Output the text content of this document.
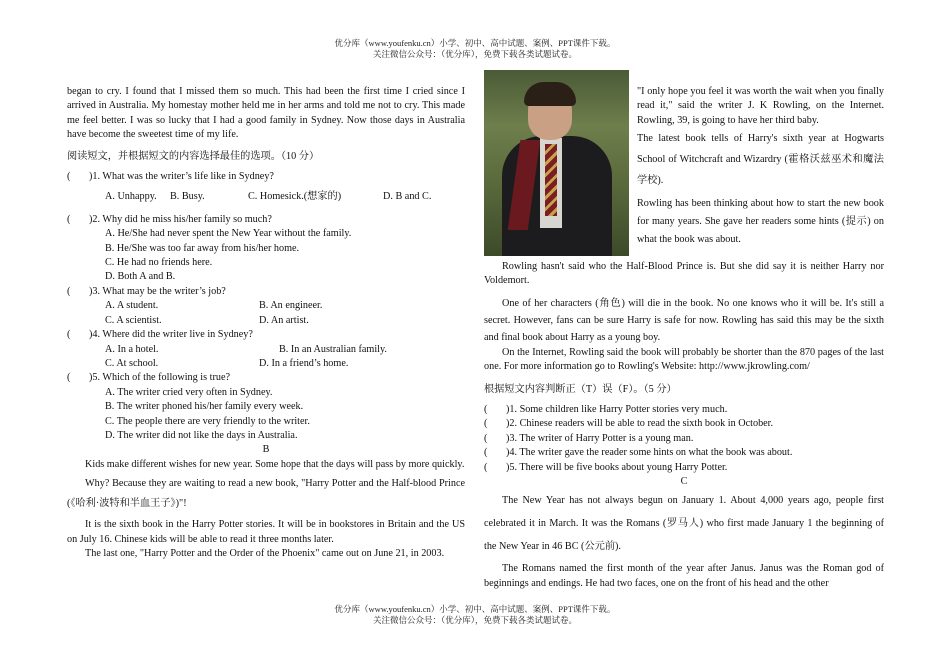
优分库（www.youfenku.cn）小学、初中、高中试题、案例、PPT课件下载。
关注微信公众号：（优分库），免费下载各类试题试卷。

began to cry. I found that I missed them so much. This had been the first time I cried since I arrived in Australia. My homestay mother held me in her arms and told me not to cry. This made me feel better. I was so lucky that I had a good family in Sydney. Now those days in Australia have become the sweetest time of my life.

阅读短文，并根据短文的内容选择最佳的选项。（10 分）
( )1. What was the writer’s life like in Sydney?
A. Unhappy.	B. Busy.	C. Homesick.(想家的)	D. B and C.
( )2. Why did he miss his/her family so much?
A. He/She had never spent the New Year without the family.
B. He/She was too far away from his/her home.
C. He had no friends here.
D. Both A and B.
( )3. What may be the writer’s job?
A. A student.	B. An engineer.
C. A scientist.	D. An artist.
( )4. Where did the writer live in Sydney?
A. In a hotel.	B. In an Australian family.
C. At school.	D. In a friend’s home.
( )5. Which of the following is true?
A. The writer cried very often in Sydney.
B. The writer phoned his/her family every week.
C. The people there are very friendly to the writer.
D. The writer did not like the days in Australia.
B

Kids make different wishes for new year. Some hope that the days will pass by more quickly.

Why? Because they are waiting to read a new book, "Harry Potter and the Half-blood Prince (《哈利·波特和半血王子》)"!

It is the sixth book in the Harry Potter stories. It will be in bookstores in Britain and the US on July 16. Chinese kids will be able to read it three months later.

The last one, "Harry Potter and the Order of the Phoenix" came out on June 21, in 2003.

"I only hope you feel it was worth the wait when you finally read it," said the writer J. K Rowling, on the Internet. Rowling, 39, is going to have her third baby.

The latest book tells of Harry's sixth year at Hogwarts School of Witchcraft and Wizardry (霍格沃兹巫术和魔法学校).

Rowling has been thinking about how to start the new book for many years. She gave her readers some hints (提示) on what the book was about.

Rowling hasn't said who the Half-Blood Prince is. But she did say it is neither Harry nor Voldemort.

One of her characters (角色) will die in the book. No one knows who it will be. It's still a secret. However, fans can be sure Harry is safe for now. Rowling has said this may be the sixth and final book about Harry as a young boy.

On the Internet, Rowling said the book will probably be shorter than the 870 pages of the last one. For more information go to Rowling's Website: http://www.jkrowling.com/

根据短文内容判断正（T）误（F）。（5 分）
( )1. Some children like Harry Potter stories very much.
( )2. Chinese readers will be able to read the sixth book in October.
( )3. The writer of Harry Potter is a young man.
( )4. The writer gave the reader some hints on what the book was about.
( )5. There will be five books about young Harry Potter.
C

The New Year has not always begun on January 1. About 4,000 years ago, people first celebrated it in March. It was the Romans (罗马人) who first made January 1 the beginning of the New Year in 46 BC (公元前).

The Romans named the first month of the year after Janus. Janus was the Roman god of beginnings and endings. He had two faces, one on the front of his head and the other

优分库（www.youfenku.cn）小学、初中、高中试题、案例、PPT课件下载。
关注微信公众号：（优分库），免费下载各类试题试卷。
